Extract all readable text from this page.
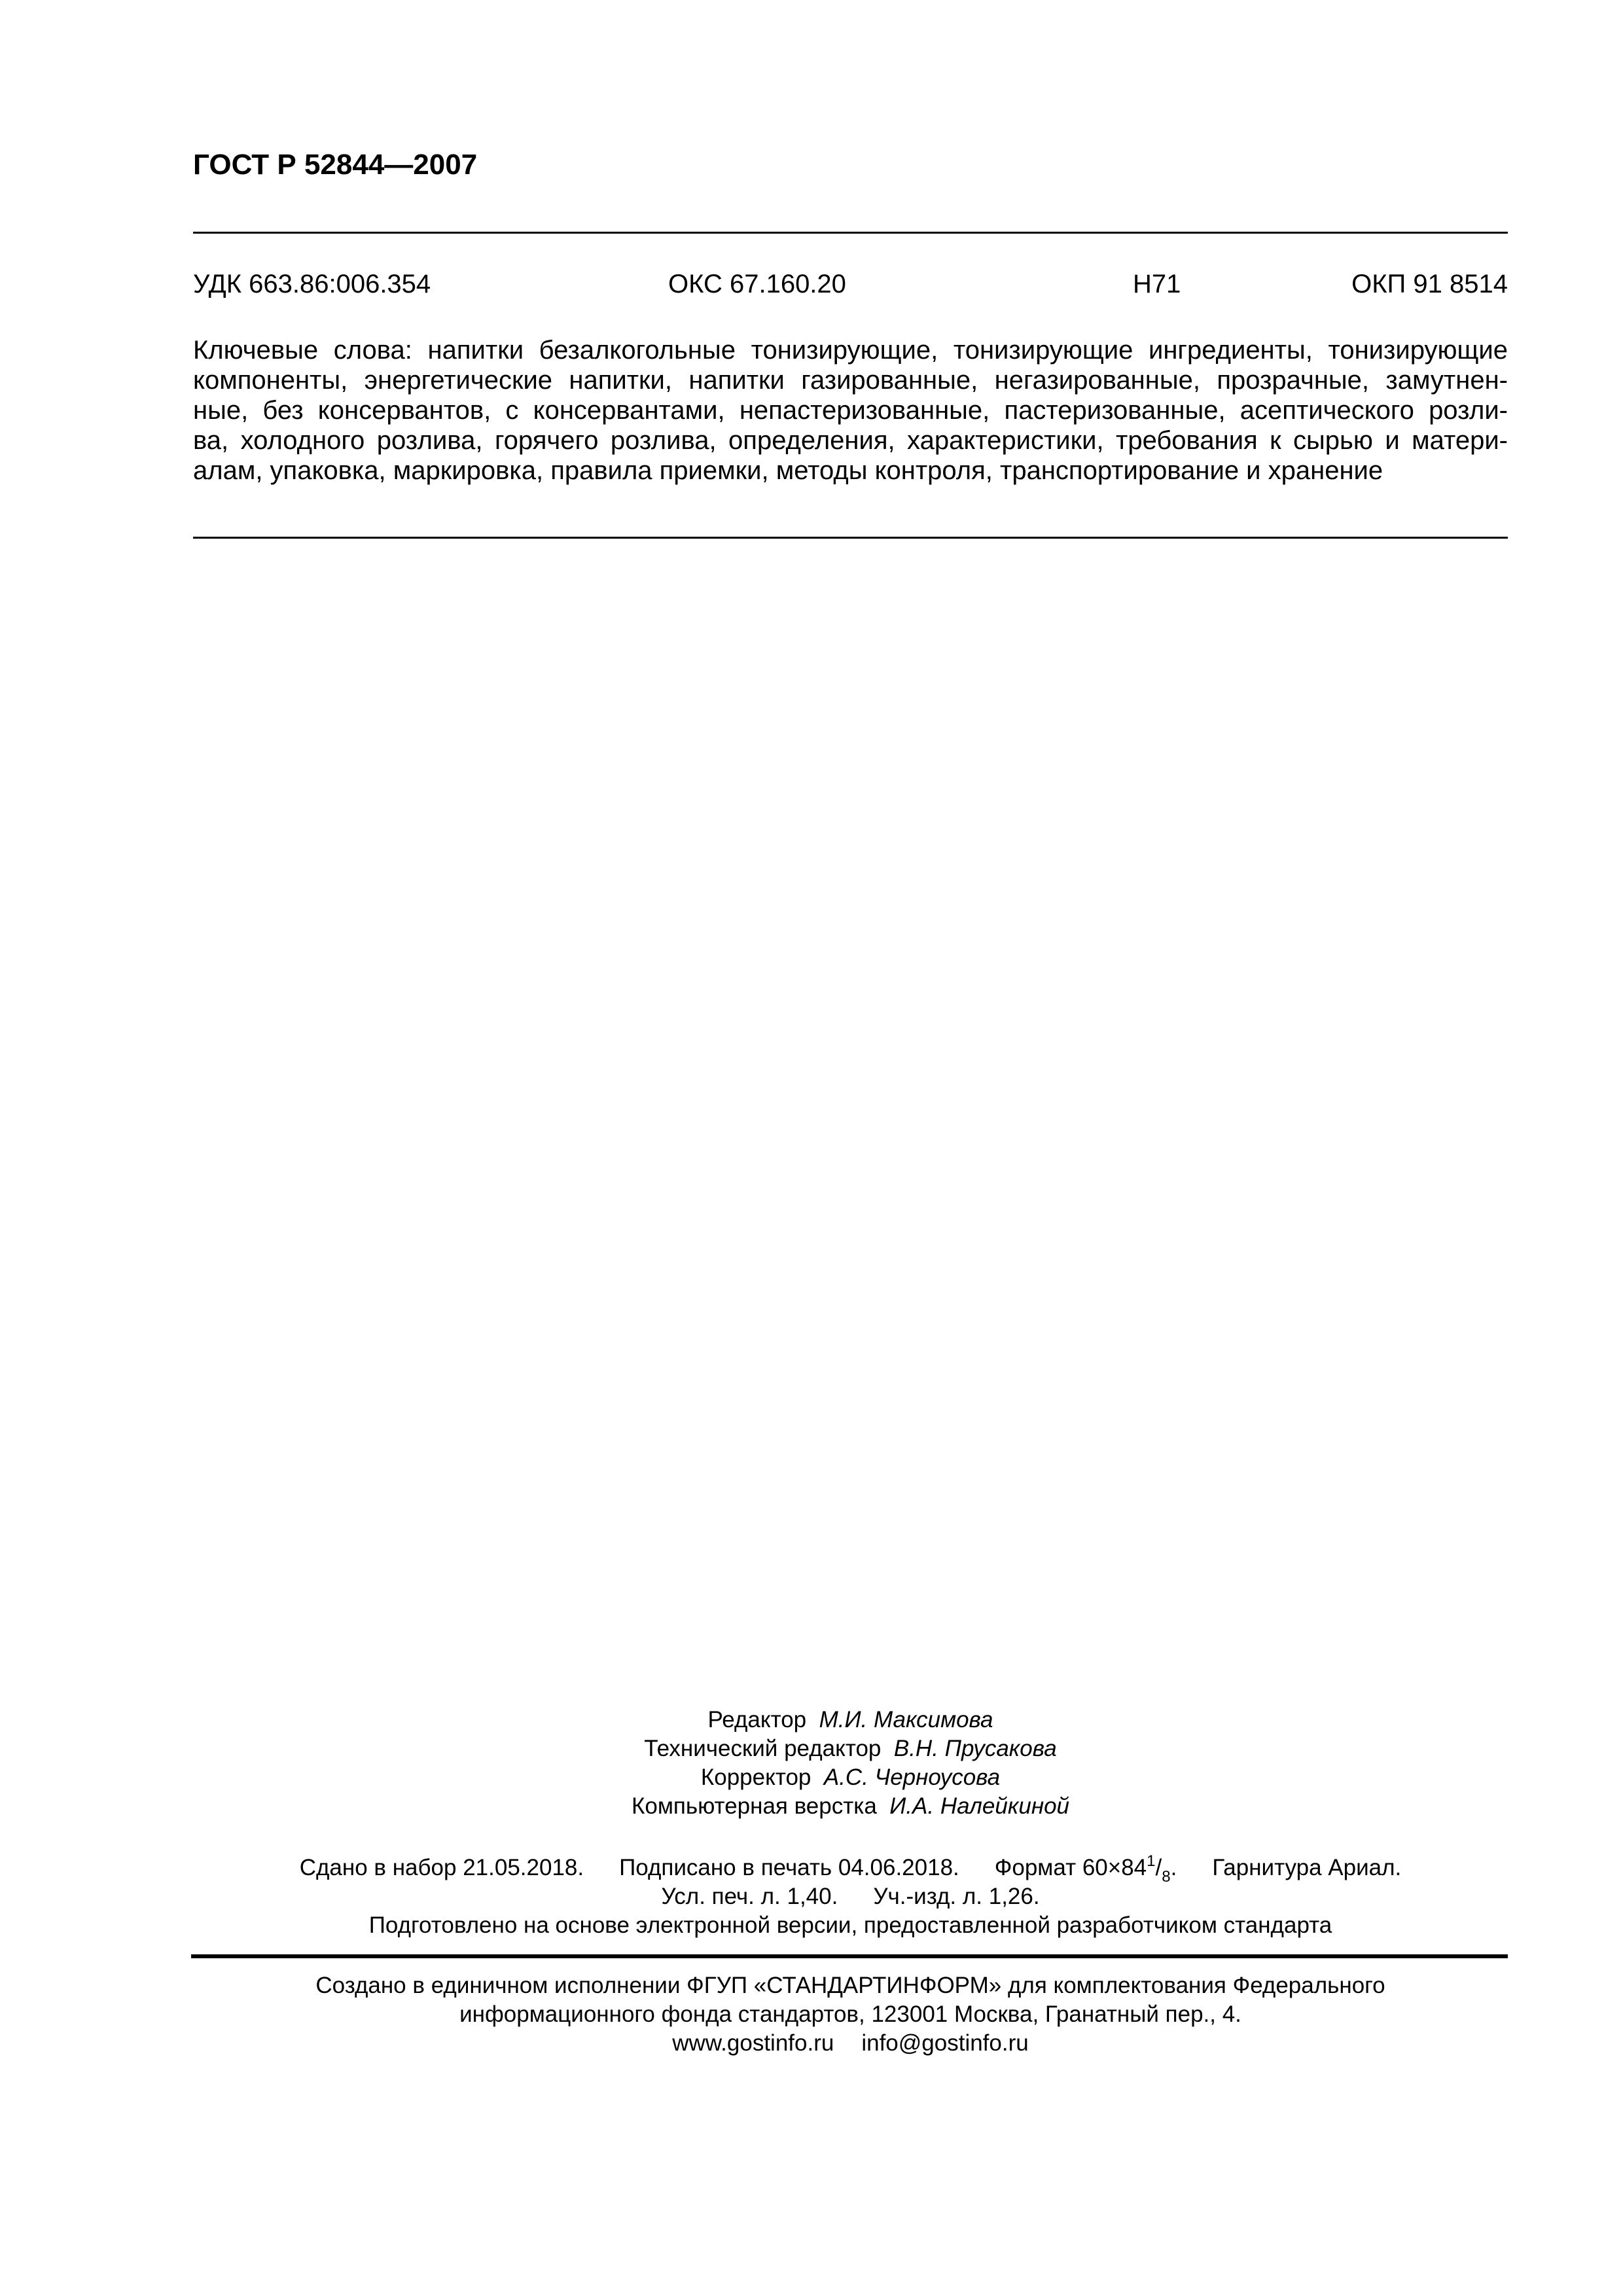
ГОСТ Р 52844—2007
УДК 663.86:006.354	ОКС 67.160.20	Н71	ОКП 91 8514
Ключевые слова: напитки безалкогольные тонизирующие, тонизирующие ингредиенты, тонизирующие
компоненты, энергетические напитки, напитки газированные, негазированные, прозрачные, замутнен-
ные, без консервантов, с консервантами, непастеризованные, пастеризованные, асептического розли-
ва, холодного розлива, горячего розлива, определения, характеристики, требования к сырью и матери-
алам, упаковка, маркировка, правила приемки, методы контроля, транспортирование и хранение
Редактор М.И. Максимова
Технический редактор В.Н. Прусакова
Корректор А.С. Черноусова
Компьютерная верстка И.А. Налейкиной
Сдано в набор 21.05.2018. Подписано в печать 04.06.2018. Формат $60\times 84^1/_8$. Гарнитура Ариал.
Усл. печ. л. 1,40. Уч.-изд. л. 1,26.
Подготовлено на основе электронной версии, предоставленной разработчиком стандарта
Создано в единичном исполнении ФГУП «СТАНДАРТИНФОРМ» для комплектования Федерального
информационного фонда стандартов, 123001 Москва, Гранатный пер., 4.
www.gostinfo.ru info@gostinfo.ru
